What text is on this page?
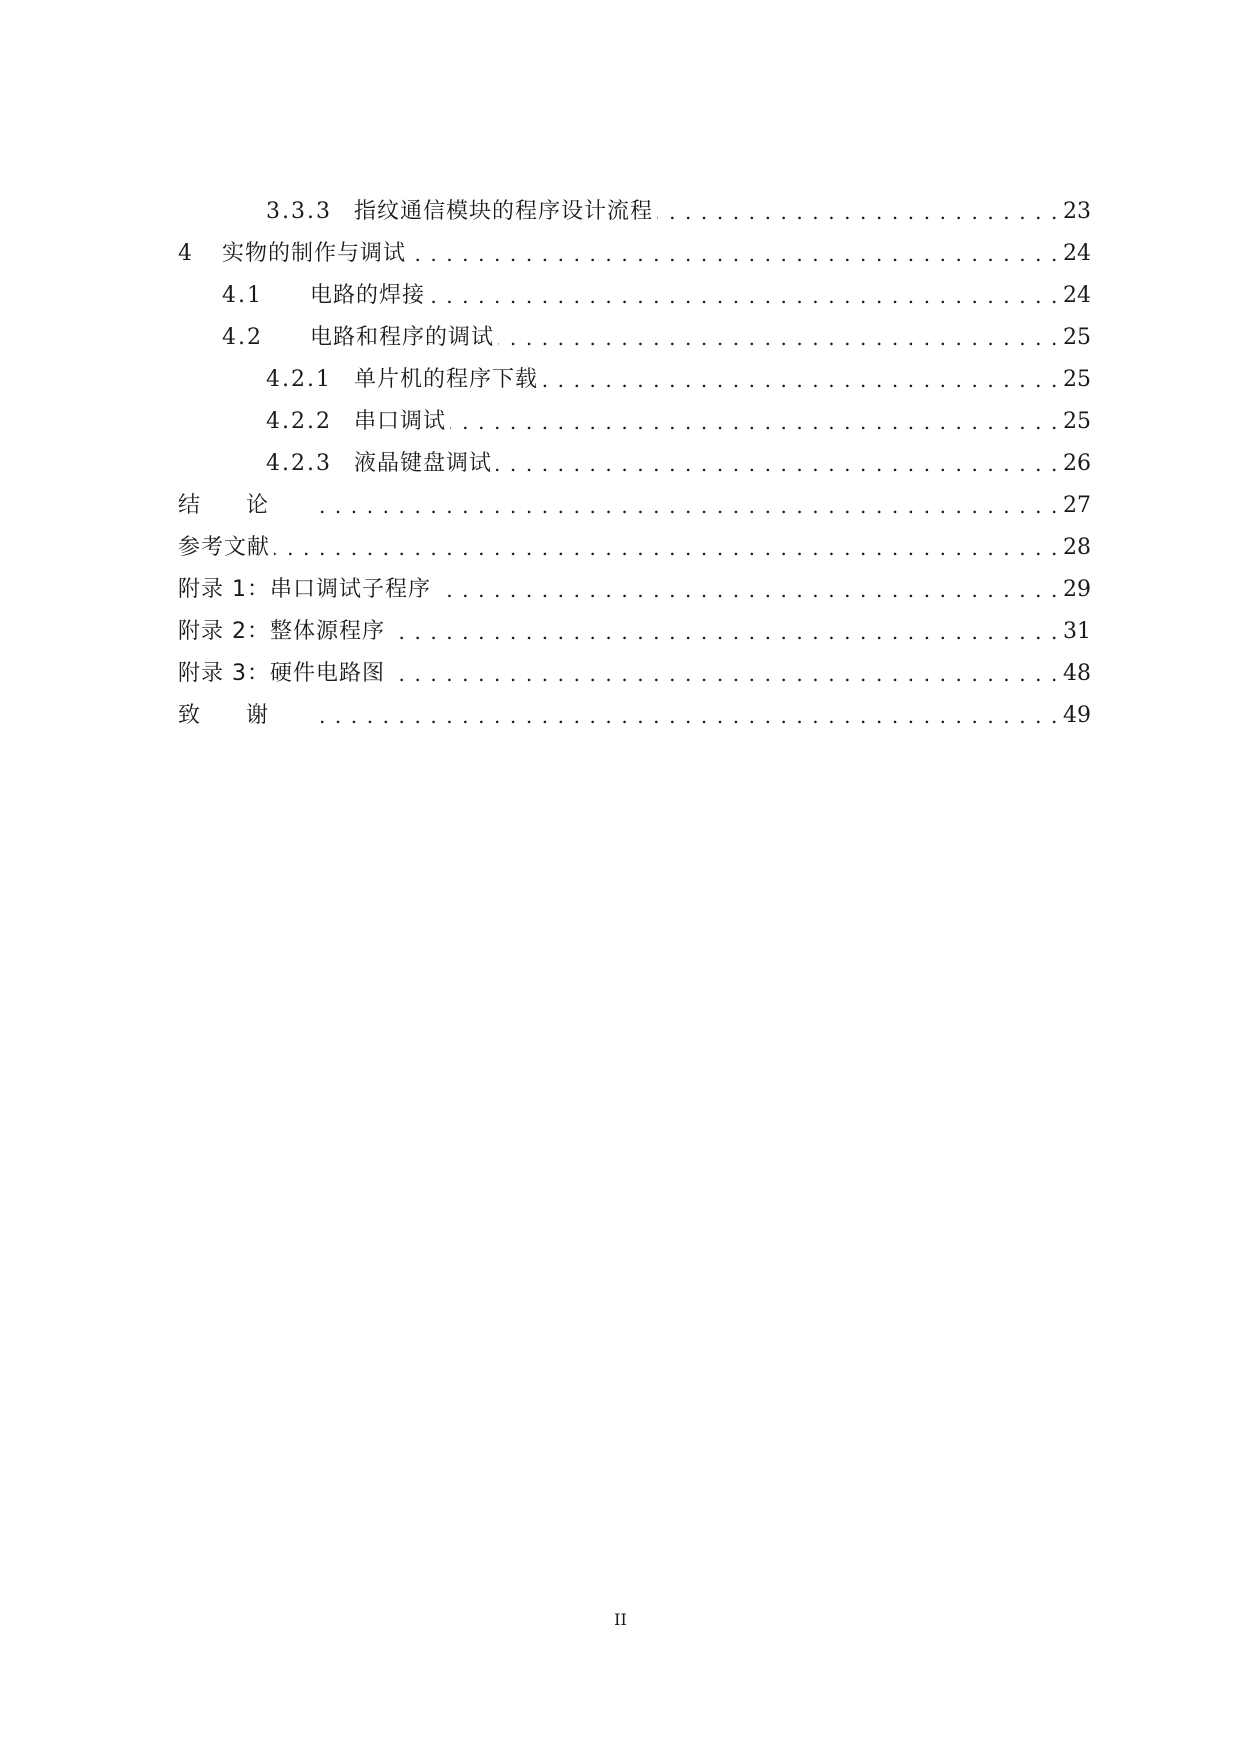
3.3.3	指纹通信模块的程序设计流程 . . .	23
4	实物的制作与调试 . . .	24
4.1	电路的焊接 . . .	24
4.2	电路和程序的调试 . . .	25
4.2.1	单片机的程序下载 . . .	25
4.2.2	串口调试 . . .	25
4.2.3	液晶键盘调试 . . .	26
结论 . . .	27
参考文献 . . .	28
附录 1：串口调试子程序 . . .	29
附录 2：整体源程序 . . .	31
附录 3：硬件电路图 . . .	48
致谢 . . .	49
II
